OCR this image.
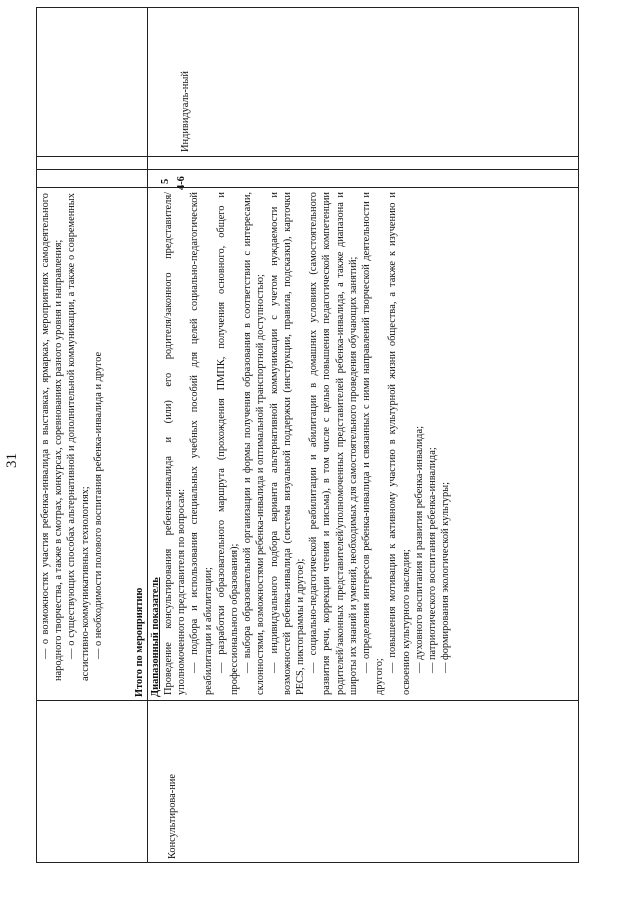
31 — о возможностях участия ребенка-инвалида в выставках, ярмарках, мероприятиях самодеятельного народного творчества, а также в смотрах, конкурсах, соревнованиях разного уровня и направления; — о существующих способах альтернативной и дополнительной коммуникации, а также о современных ассистивно-коммуникативных технологиях; — о необходимости полового воспитания ребенка-инвалида и другое	Итого по мероприятию Диапазонный показатель
5 4-6
Консультирова-ние
Индивидуаль-ный
Проведение консультирования ребенка-инвалида и (или) его родителя/законного представителя/уполномоченного представителя по вопросам: — подбора и использования специальных учебных пособий для целей социально-педагогической реабилитации и абилитации; — разработки образовательного маршрута (прохождения ПМПК, получения основного, общего и профессионального образования); — выбора образовательной организации и формы получения образования в соответствии с интересами, склонностями, возможностями ребенка-инвалида и оптимальной транспортной доступностью; — индивидуального подбора варианта альтернативной коммуникации с учетом нуждаемости и возможностей ребенка-инвалида (система визуальной поддержки (инструкции, правила, подсказки), карточки PECS, пиктограммы и другое); — социально-педагогической реабилитации и абилитации в домашних условиях (самостоятельного развития речи, коррекции чтения и письма), в том числе с целью повышения педагогической компетенции родителей/законных представителей/уполномоченных представителей ребенка-инвалида, а также диапазона и широты их знаний и умений, необходимых для самостоятельного проведения обучающих занятий; — определения интересов ребенка-инвалида и связанных с ними направлений творческой деятельности и другого;
— повышения мотивации к активному участию в культурной жизни общества, а также к изучению и освоению культурного наследия; — духовного воспитания и развития ребенка-инвалида; — патриотического воспитания ребенка-инвалида; — формирования экологической культуры;
